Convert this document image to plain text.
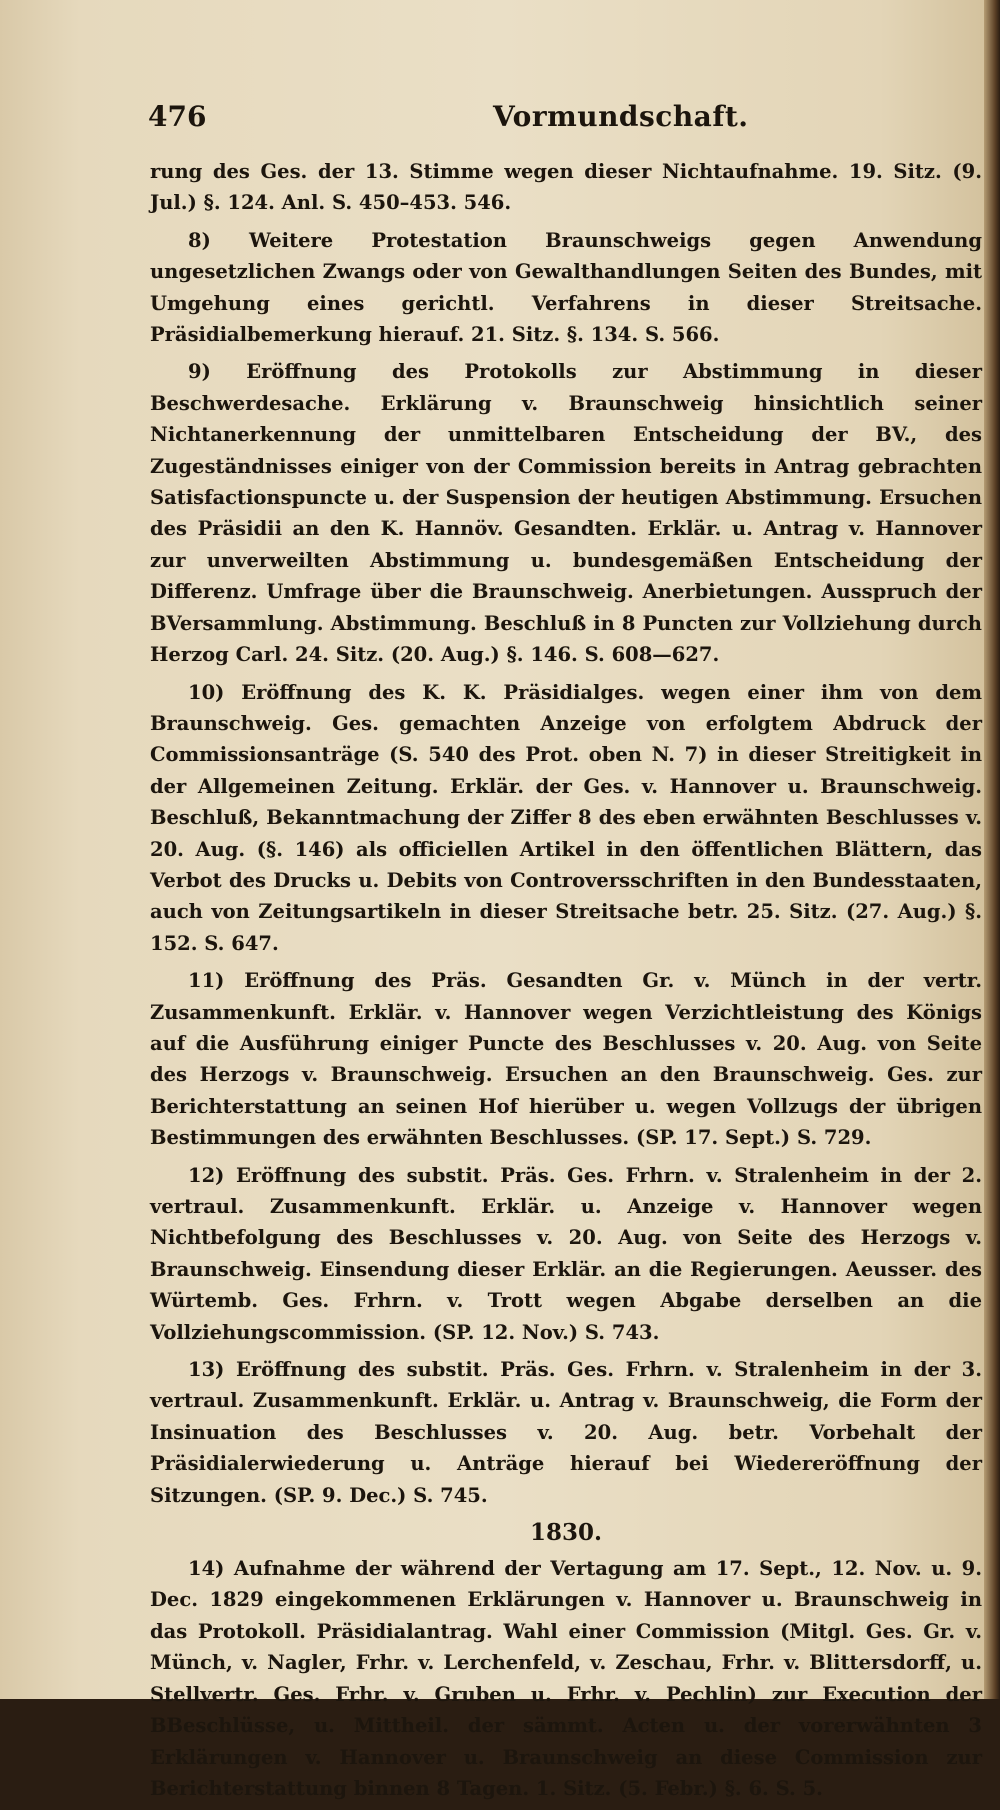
476	Vormundschaft.

rung des Ges. der 13. Stimme wegen dieser Nichtaufnahme. 19. Sitz. (9. Jul.) §. 124. Anl. S. 450–453. 546.

8) Weitere Protestation Braunschweigs gegen Anwendung ungesetzlichen Zwangs oder von Gewalthandlungen Seiten des Bundes, mit Umgehung eines gerichtl. Verfahrens in dieser Streitsache. Präsidialbemerkung hierauf. 21. Sitz. §. 134. S. 566.

9) Eröffnung des Protokolls zur Abstimmung in dieser Beschwerdesache. Erklärung v. Braunschweig hinsichtlich seiner Nichtanerkennung der unmittelbaren Entscheidung der BV., des Zugeständnisses einiger von der Commission bereits in Antrag gebrachten Satisfactionspuncte u. der Suspension der heutigen Abstimmung. Ersuchen des Präsidii an den K. Hannöv. Gesandten. Erklär. u. Antrag v. Hannover zur unverweilten Abstimmung u. bundesgemäßen Entscheidung der Differenz. Umfrage über die Braunschweig. Anerbietungen. Ausspruch der BVersammlung. Abstimmung. Beschluß in 8 Puncten zur Vollziehung durch Herzog Carl. 24. Sitz. (20. Aug.) §. 146. S. 608—627.

10) Eröffnung des K. K. Präsidialges. wegen einer ihm von dem Braunschweig. Ges. gemachten Anzeige von erfolgtem Abdruck der Commissionsanträge (S. 540 des Prot. oben N. 7) in dieser Streitigkeit in der Allgemeinen Zeitung. Erklär. der Ges. v. Hannover u. Braunschweig. Beschluß, Bekanntmachung der Ziffer 8 des eben erwähnten Beschlusses v. 20. Aug. (§. 146) als officiellen Artikel in den öffentlichen Blättern, das Verbot des Drucks u. Debits von Controversschriften in den Bundesstaaten, auch von Zeitungsartikeln in dieser Streitsache betr. 25. Sitz. (27. Aug.) §. 152. S. 647.

11) Eröffnung des Präs. Gesandten Gr. v. Münch in der vertr. Zusammenkunft. Erklär. v. Hannover wegen Verzichtleistung des Königs auf die Ausführung einiger Puncte des Beschlusses v. 20. Aug. von Seite des Herzogs v. Braunschweig. Ersuchen an den Braunschweig. Ges. zur Berichterstattung an seinen Hof hierüber u. wegen Vollzugs der übrigen Bestimmungen des erwähnten Beschlusses. (SP. 17. Sept.) S. 729.

12) Eröffnung des substit. Präs. Ges. Frhrn. v. Stralenheim in der 2. vertraul. Zusammenkunft. Erklär. u. Anzeige v. Hannover wegen Nichtbefolgung des Beschlusses v. 20. Aug. von Seite des Herzogs v. Braunschweig. Einsendung dieser Erklär. an die Regierungen. Aeusser. des Würtemb. Ges. Frhrn. v. Trott wegen Abgabe derselben an die Vollziehungscommission. (SP. 12. Nov.) S. 743.

13) Eröffnung des substit. Präs. Ges. Frhrn. v. Stralenheim in der 3. vertraul. Zusammenkunft. Erklär. u. Antrag v. Braunschweig, die Form der Insinuation des Beschlusses v. 20. Aug. betr. Vorbehalt der Präsidialerwiederung u. Anträge hierauf bei Wiedereröffnung der Sitzungen. (SP. 9. Dec.) S. 745.

1830.

14) Aufnahme der während der Vertagung am 17. Sept., 12. Nov. u. 9. Dec. 1829 eingekommenen Erklärungen v. Hannover u. Braunschweig in das Protokoll. Präsidialantrag. Wahl einer Commission (Mitgl. Ges. Gr. v. Münch, v. Nagler, Frhr. v. Lerchenfeld, v. Zeschau, Frhr. v. Blittersdorff, u. Stellvertr. Ges. Frhr. v. Gruben u. Frhr. v. Pechlin) zur Execution der BBeschlüsse, u. Mittheil. der sämmt. Acten u. der vorerwähnten 3 Erklärungen v. Hannover u. Braunschweig an diese Commission zur Berichterstattung binnen 8 Tagen. 1. Sitz. (5. Febr.) §. 6. S. 5.
